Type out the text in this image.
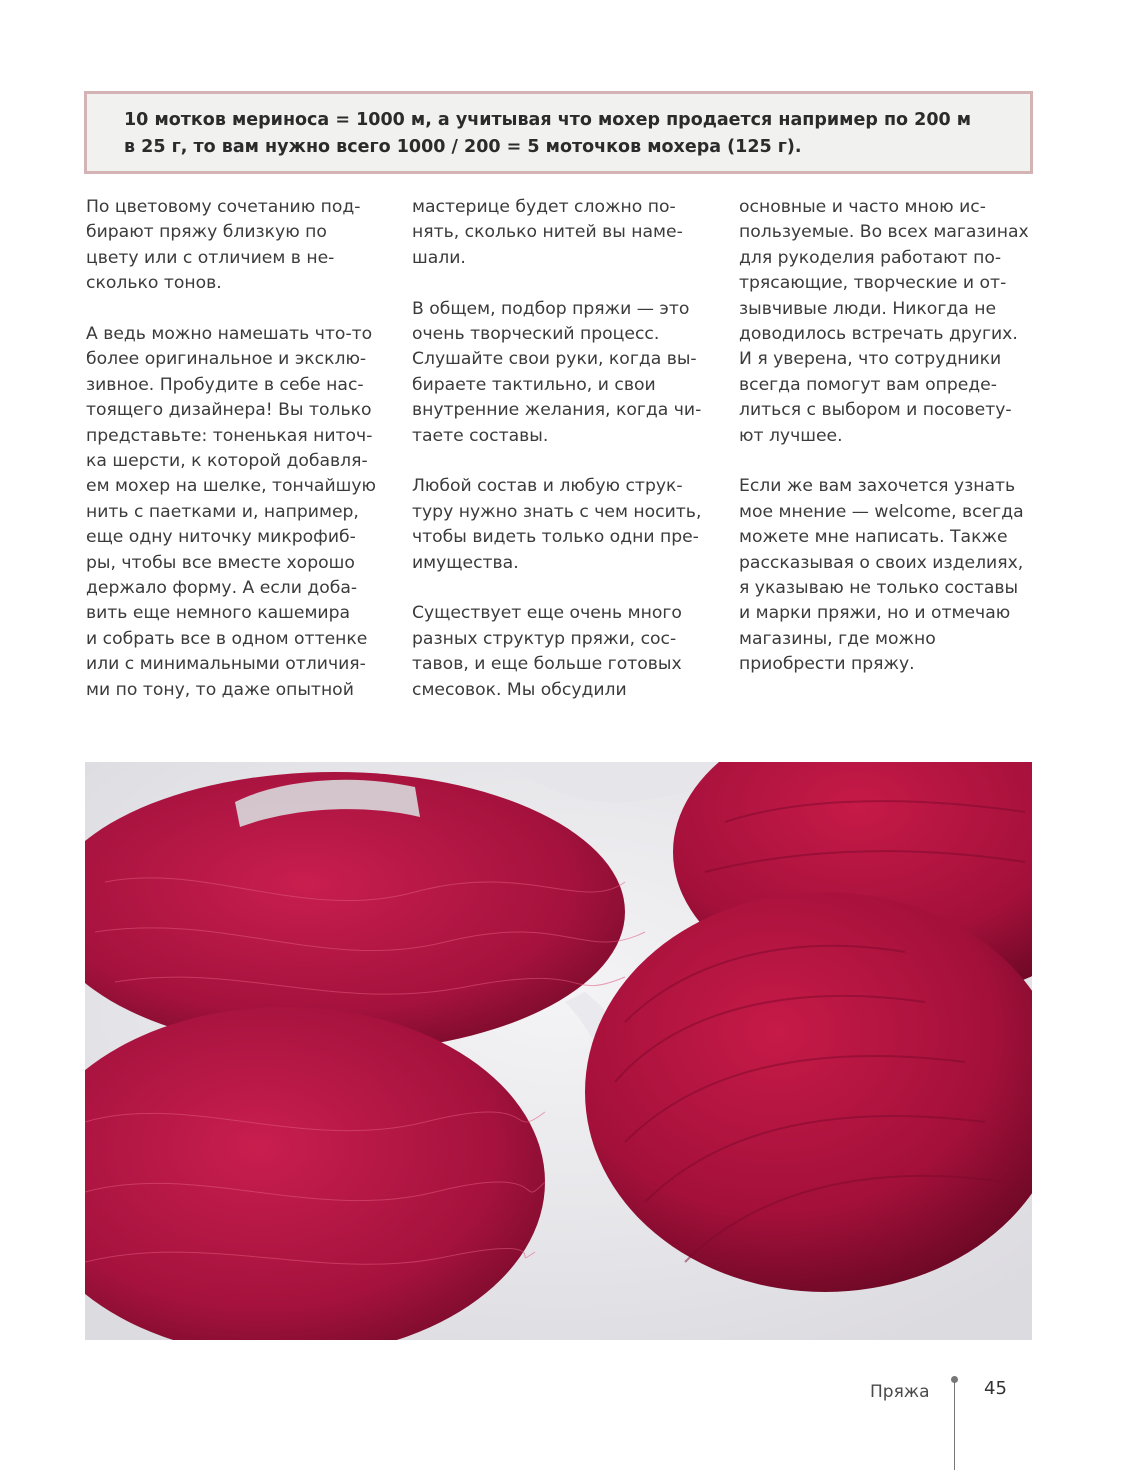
10 мотков мериноса = 1000 м, а учитывая что мохер продается например по 200 м
в 25 г, то вам нужно всего 1000 / 200 = 5 моточков мохера (125 г).

По цветовому сочетанию под-
бирают пряжу близкую по
цвету или с отличием в не-
сколько тонов.

А ведь можно намешать что-то
более оригинальное и эксклю-
зивное. Пробудите в себе нас-
тоящего дизайнера! Вы только
представьте: тоненькая ниточ-
ка шерсти, к которой добавля-
ем мохер на шелке, тончайшую
нить с паетками и, например,
еще одну ниточку микрофиб-
ры, чтобы все вместе хорошо
держало форму. А если доба-
вить еще немного кашемира
и собрать все в одном оттенке
или с минимальными отличия-
ми по тону, то даже опытной

мастерице будет сложно по-
нять, сколько нитей вы наме-
шали.

В общем, подбор пряжи — это
очень творческий процесс.
Слушайте свои руки, когда вы-
бираете тактильно, и свои
внутренние желания, когда чи-
таете составы.

Любой состав и любую струк-
туру нужно знать с чем носить,
чтобы видеть только одни пре-
имущества.

Существует еще очень много
разных структур пряжи, сос-
тавов, и еще больше готовых
смесовок. Мы обсудили

основные и часто мною ис-
пользуемые. Во всех магазинах
для рукоделия работают по-
трясающие, творческие и от-
зывчивые люди. Никогда не
доводилось встречать других.
И я уверена, что сотрудники
всегда помогут вам опреде-
литься с выбором и посовету-
ют лучшее.

Если же вам захочется узнать
мое мнение — welcome, всегда
можете мне написать. Также
рассказывая о своих изделиях,
я указываю не только составы
и марки пряжи, но и отмечаю
магазины, где можно
приобрести пряжу.

Пряжа	45
